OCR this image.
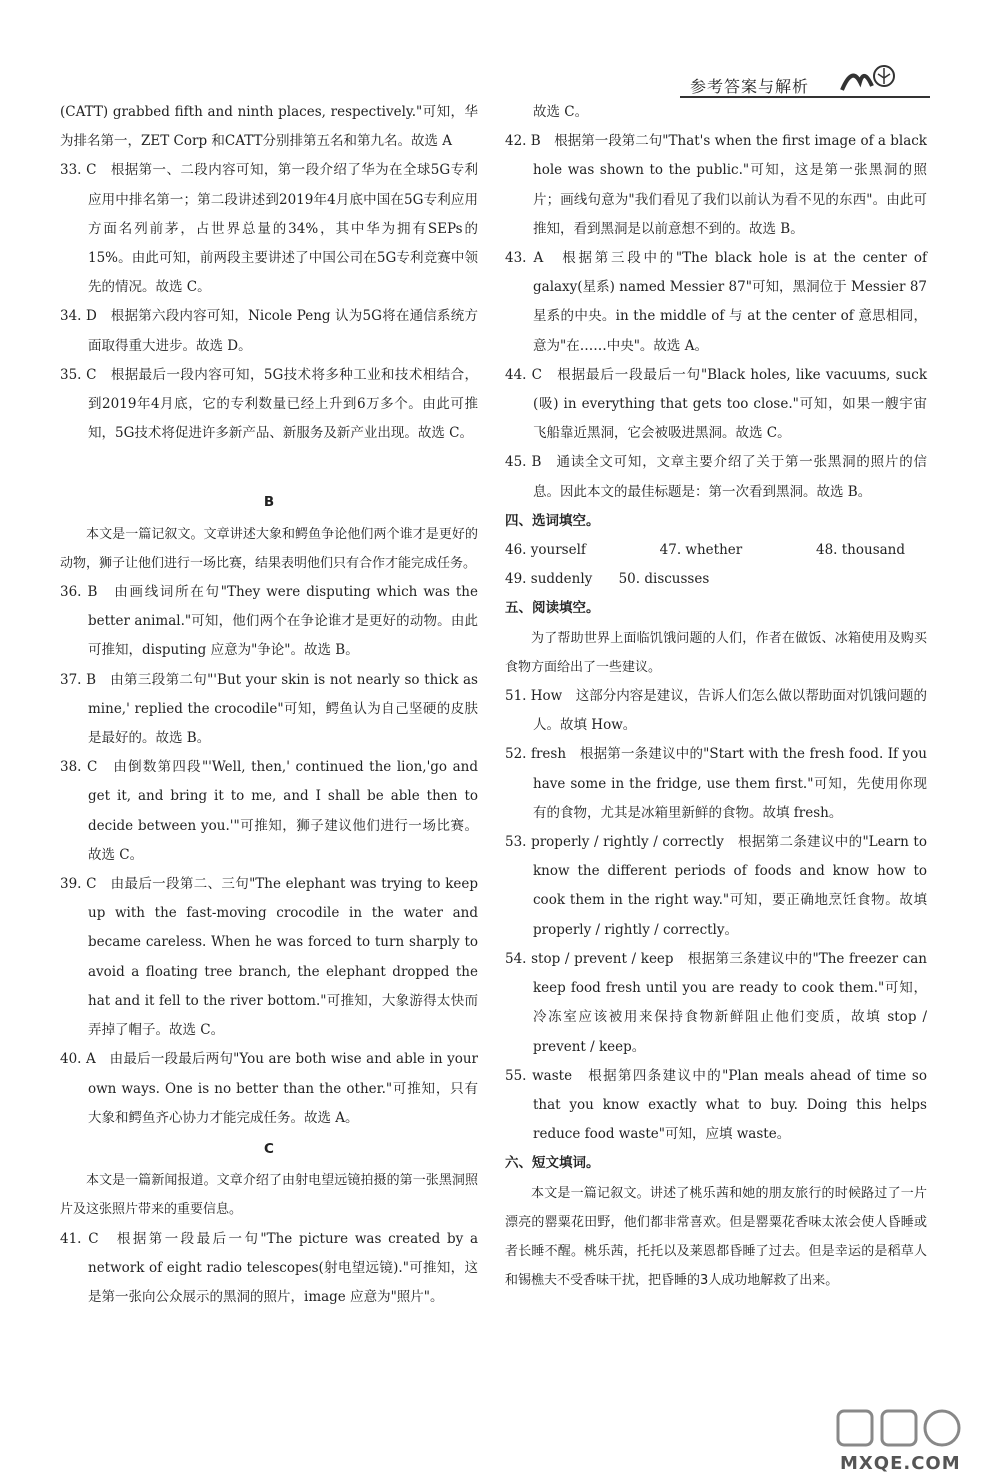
参考答案与解析

(CATT) grabbed fifth and ninth places, respectively."可知，华为排名第一，ZET Corp 和CATT分别排第五名和第九名。故选 A

33. C　根据第一、二段内容可知，第一段介绍了华为在全球5G专利应用中排名第一；第二段讲述到2019年4月底中国在5G专利应用方面名列前茅，占世界总量的34%，其中华为拥有SEPs的15%。由此可知，前两段主要讲述了中国公司在5G专利竞赛中领先的情况。故选 C。

34. D　根据第六段内容可知，Nicole Peng 认为5G将在通信系统方面取得重大进步。故选 D。

35. C　根据最后一段内容可知，5G技术将多种工业和技术相结合，到2019年4月底，它的专利数量已经上升到6万多个。由此可推知，5G技术将促进许多新产品、新服务及新产业出现。故选 C。

B

本文是一篇记叙文。文章讲述大象和鳄鱼争论他们两个谁才是更好的动物，狮子让他们进行一场比赛，结果表明他们只有合作才能完成任务。

36. B　由画线词所在句"They were disputing which was the better animal."可知，他们两个在争论谁才是更好的动物。由此可推知，disputing 应意为"争论"。故选 B。

37. B　由第三段第二句"'But your skin is not nearly so thick as mine,' replied the crocodile"可知，鳄鱼认为自己坚硬的皮肤是最好的。故选 B。

38. C　由倒数第四段"'Well, then,' continued the lion,'go and get it, and bring it to me, and I shall be able then to decide between you.'"可推知，狮子建议他们进行一场比赛。故选 C。

39. C　由最后一段第二、三句"The elephant was trying to keep up with the fast-moving crocodile in the water and became careless. When he was forced to turn sharply to avoid a floating tree branch, the elephant dropped the hat and it fell to the river bottom."可推知，大象游得太快而弄掉了帽子。故选 C。

40. A　由最后一段最后两句"You are both wise and able in your own ways. One is no better than the other."可推知，只有大象和鳄鱼齐心协力才能完成任务。故选 A。

C

本文是一篇新闻报道。文章介绍了由射电望远镜拍摄的第一张黑洞照片及这张照片带来的重要信息。

41. C　根据第一段最后一句"The picture was created by a network of eight radio telescopes(射电望远镜)."可推知，这是第一张向公众展示的黑洞的照片，image 应意为"照片"。

故选 C。

42. B　根据第一段第二句"That's when the first image of a black hole was shown to the public."可知，这是第一张黑洞的照片；画线句意为"我们看见了我们以前认为看不见的东西"。由此可推知，看到黑洞是以前意想不到的。故选 B。

43. A　根据第三段中的"The black hole is at the center of galaxy(星系) named Messier 87"可知，黑洞位于 Messier 87星系的中央。in the middle of 与 at the center of 意思相同，意为"在……中央"。故选 A。

44. C　根据最后一段最后一句"Black holes, like vacuums, suck (吸) in everything that gets too close."可知，如果一艘宇宙飞船靠近黑洞，它会被吸进黑洞。故选 C。

45. B　通读全文可知，文章主要介绍了关于第一张黑洞的照片的信息。因此本文的最佳标题是：第一次看到黑洞。故选 B。

四、选词填空。

46. yourself	47. whether	48. thousand 49. suddenly 50. discusses

五、阅读填空。

为了帮助世界上面临饥饿问题的人们，作者在做饭、冰箱使用及购买食物方面给出了一些建议。

51. How　这部分内容是建议，告诉人们怎么做以帮助面对饥饿问题的人。故填 How。

52. fresh　根据第一条建议中的"Start with the fresh food. If you have some in the fridge, use them first."可知，先使用你现有的食物，尤其是冰箱里新鲜的食物。故填 fresh。

53. properly / rightly / correctly　根据第二条建议中的"Learn to know the different periods of foods and know how to cook them in the right way."可知，要正确地烹饪食物。故填 properly / rightly / correctly。

54. stop / prevent / keep　根据第三条建议中的"The freezer can keep food fresh until you are ready to cook them."可知，冷冻室应该被用来保持食物新鲜阻止他们变质，故填 stop / prevent / keep。

55. waste　根据第四条建议中的"Plan meals ahead of time so that you know exactly what to buy. Doing this helps reduce food waste"可知，应填 waste。

六、短文填词。

本文是一篇记叙文。讲述了桃乐茜和她的朋友旅行的时候路过了一片漂亮的罂粟花田野，他们都非常喜欢。但是罂粟花香味太浓会使人昏睡或者长睡不醒。桃乐茜，托托以及莱恩都昏睡了过去。但是幸运的是稻草人和锡樵夫不受香味干扰，把昏睡的3人成功地解救了出来。

MXQE.COM
